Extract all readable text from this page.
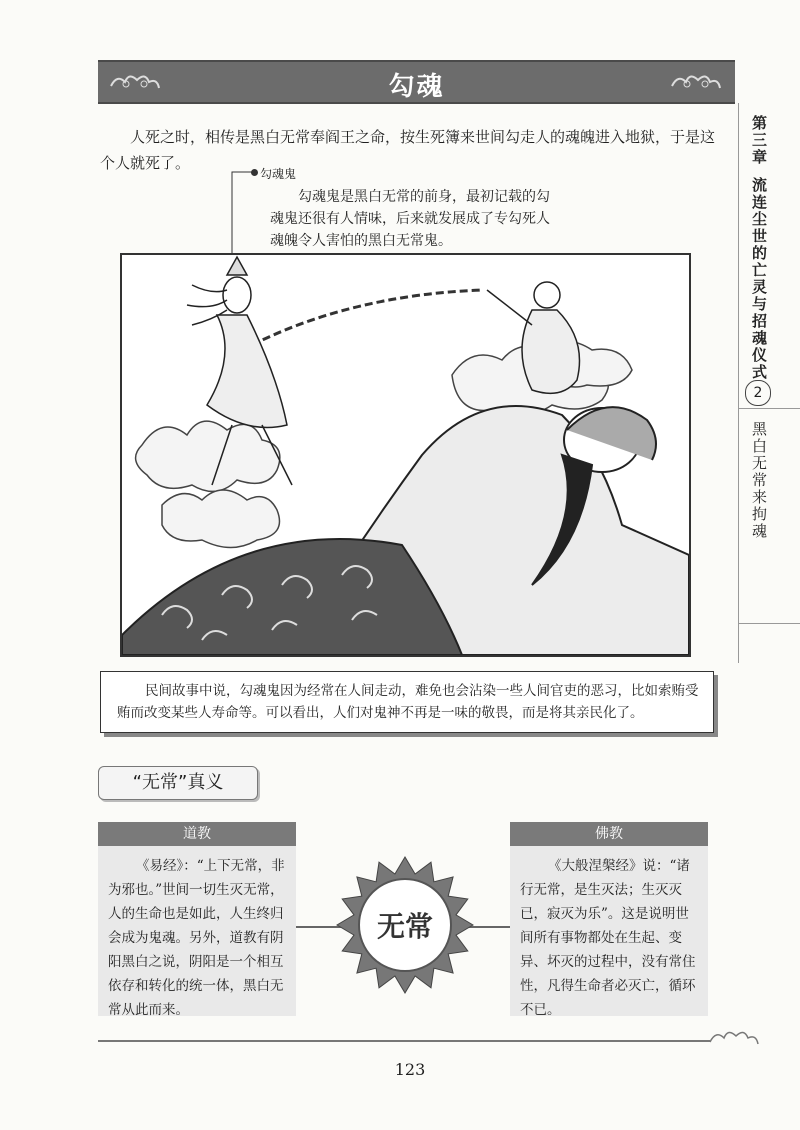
勾魂
第三章
流连尘世的亡灵与招魂仪式
2
黑白无常来拘魂
人死之时，相传是黑白无常奉阎王之命，按生死簿来世间勾走人的魂魄进入地狱，于是这个人就死了。
勾魂鬼
勾魂鬼是黑白无常的前身，最初记载的勾魂鬼还很有人情味，后来就发展成了专勾死人魂魄令人害怕的黑白无常鬼。
民间故事中说，勾魂鬼因为经常在人间走动，难免也会沾染一些人间官吏的恶习，比如索贿受贿而改变某些人寿命等。可以看出，人们对鬼神不再是一味的敬畏，而是将其亲民化了。
“无常”真义
道教
《易经》：“上下无常，非为邪也。”世间一切生灭无常，人的生命也是如此，人生终归会成为鬼魂。另外，道教有阴阳黑白之说，阴阳是一个相互依存和转化的统一体，黑白无常从此而来。
佛教
《大般涅槃经》说：“诸行无常，是生灭法；生灭灭已，寂灭为乐”。这是说明世间所有事物都处在生起、变异、坏灭的过程中，没有常住性，凡得生命者必灭亡，循环不已。
无常
123
